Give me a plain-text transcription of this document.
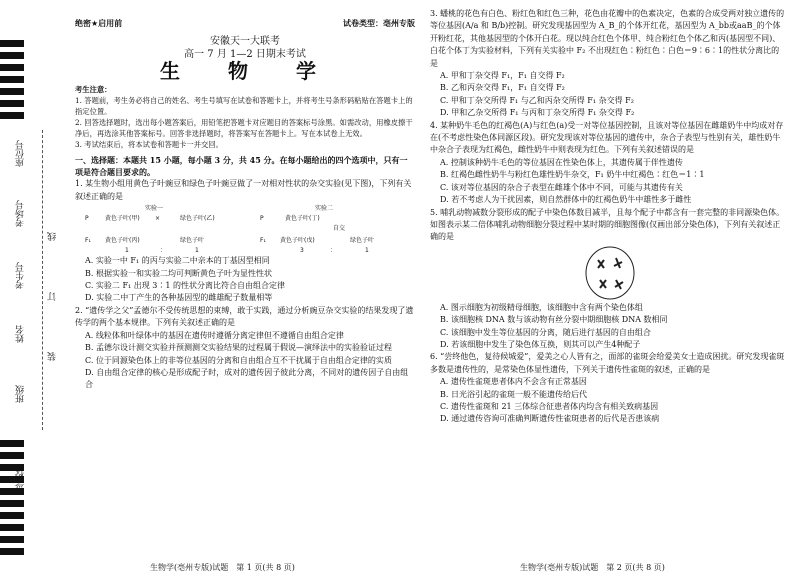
座位号
考场号
考生号
姓名
班级
学校
线
订
装
绝密★启用前	试卷类型：亳州专版
安徽天一大联考
高一 7 月 1—2 日期末考试
生　物　学

考生注意：

1. 答题前，考生务必将自己的姓名、考生号填写在试卷和答题卡上，并将考生号条形码粘贴在答题卡上的指定位置。

2. 回答选择题时，选出每小题答案后，用铅笔把答题卡对应题目的答案标号涂黑。如需改动，用橡皮擦干净后，再选涂其他答案标号。回答非选择题时，将答案写在答题卡上。写在本试卷上无效。

3. 考试结束后，将本试卷和答题卡一并交回。

一、选择题：本题共 15 小题，每小题 3 分，共 45 分。在每小题给出的四个选项中，只有一项是符合题目要求的。

1. 某生物小组用黄色子叶豌豆和绿色子叶豌豆做了一对相对性状的杂交实验(见下图)，下列有关叙述正确的是

实验一	实验二
P	黄色子叶(甲)	×	绿色子叶(乙)	P	黄色子叶(丁)
自交
F₁ 黄色子叶(丙)	绿色子叶	F₁ 黄色子叶(戊)	绿色子叶
1	：	1	3	：	1

A. 实验一中 F₁ 的丙与实验二中亲本的丁基因型相同

B. 根据实验一和实验二均可判断黄色子叶为显性性状

C. 实验二 F₁ 出现 3∶1 的性状分离比符合自由组合定律

D. 实验二中丁产生的各种基因型的雌雄配子数量相等

2. “遗传学之父”孟德尔不受传统思想的束缚，敢于实践，通过分析豌豆杂交实验的结果发现了遗传学的两个基本规律。下列有关叙述正确的是

A. 线粒体和叶绿体中的基因在遗传时遵循分离定律但不遵循自由组合定律

B. 孟德尔设计测交实验并预测测交实验结果的过程属于假说—演绎法中的实验验证过程

C. 位于同源染色体上的非等位基因的分离和自由组合互不干扰属于自由组合定律的实质

D. 自由组合定律的核心是形成配子时，成对的遗传因子彼此分离，不同对的遗传因子自由组合

3. 蟠桃的花色有白色、粉红色和红色三种，花色由花瓣中的色素决定，色素的合成受两对独立遗传的等位基因(A/a 和 B/b)控制。研究发现基因型为 A_B_的个体开红花，基因型为 A_bb或aaB_的个体开粉红花，其他基因型的个体开白花。现以纯合红色个体甲、纯合粉红色个体乙和丙(基因型不同)、白花个体丁为实验材料，下列有关实验中 F₂ 不出现红色∶粉红色∶白色＝9∶6∶1的性状分离比的是

A. 甲和丁杂交得 F₁，F₁ 自交得 F₂

B. 乙和丙杂交得 F₁，F₁ 自交得 F₂

C. 甲和丁杂交所得 F₁ 与乙和丙杂交所得 F₁ 杂交得 F₂

D. 甲和乙杂交所得 F₁ 与丙和丁杂交所得 F₁ 杂交得 F₂

4. 某种奶牛毛色的红褐色(A)与红色(a)受一对等位基因控制，且该对等位基因在雌雄奶牛中均成对存在(不考虑性染色体同源区段)。研究发现该对等位基因的遗传中，杂合子表型与性别有关，雄性奶牛中杂合子表现为红褐色，雌性奶牛中则表现为红色。下列有关叙述错误的是

A. 控制该种奶牛毛色的等位基因在性染色体上，其遗传属于伴性遗传

B. 红褐色雌性奶牛与粉红色雄性奶牛杂交，F₁ 奶牛中红褐色∶红色＝1∶1

C. 该对等位基因的杂合子表型在雌雄个体中不同，可能与其遗传有关

D. 若不考虑人为干扰因素，则自然群体中的红褐色奶牛中雄性多于雌性

5. 哺乳动物减数分裂形成的配子中染色体数目减半，且每个配子中都含有一套完整的非同源染色体。如图表示某二倍体哺乳动物细胞分裂过程中某时期的细胞图像(仅画出部分染色体)，下列有关叙述正确的是

A. 图示细胞为初级精母细胞，该细胞中含有两个染色体组

B. 该细胞核 DNA 数与该动物有丝分裂中期细胞核 DNA 数相同

C. 该细胞中发生等位基因的分离，随后进行基因的自由组合

D. 若该细胞中发生了染色体互换，则其可以产生4种配子

6. “尝终他色，复待候城爱”，爱美之心人皆有之，面部的雀斑会给爱美女士造成困扰。研究发现雀斑多数是遗传性的，是常染色体显性遗传，下列关于遗传性雀斑的叙述，正确的是

A. 遗传性雀斑患者体内不会含有正常基因

B. 日光浴引起的雀斑一般不能遗传给后代

C. 遗传性雀斑和 21 三体综合征患者体内均含有相关致病基因

D. 通过遗传咨询可准确判断遗传性雀斑患者的后代是否患该病

生物学(亳州专版)试题　第 1 页(共 8 页)	生物学(亳州专版)试题　第 2 页(共 8 页)
